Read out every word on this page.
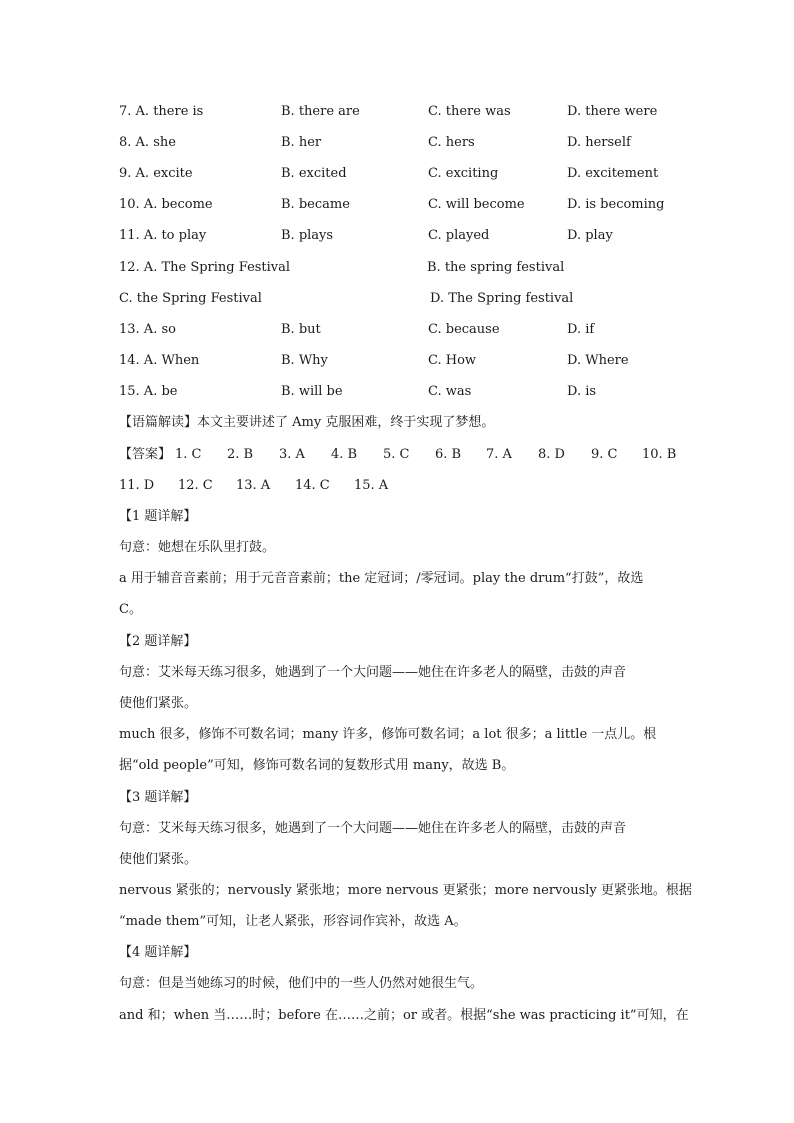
7. A. there is	B. there are	C. there was	D. there were
8. A. she	B. her	C. hers	D. herself
9. A. excite	B. excited	C. exciting	D. excitement
10. A. become	B. became	C. will become	D. is becoming
11. A. to play	B. plays	C. played	D. play
12. A. The Spring Festival	B. the spring festival
C. the Spring Festival	D. The Spring festival
13. A. so	B. but	C. because	D. if
14. A. When	B. Why	C. How	D. Where
15. A. be	B. will be	C. was	D. is
【语篇解读】本文主要讲述了 Amy 克服困难，终于实现了梦想。
【答案】 1. C 2. B 3. A 4. B 5. C 6. B 7. A 8. D 9. C 10. B
11. D 12. C 13. A 14. C 15. A
【1 题详解】
句意：她想在乐队里打鼓。
a 用于辅音音素前；用于元音音素前；the 定冠词；/零冠词。play the drum“打鼓”，故选
C。
【2 题详解】
句意：艾米每天练习很多，她遇到了一个大问题——她住在许多老人的隔壁，击鼓的声音
使他们紧张。
much 很多，修饰不可数名词；many 许多，修饰可数名词；a lot 很多；a little 一点儿。根
据“old people”可知，修饰可数名词的复数形式用 many，故选 B。
【3 题详解】
句意：艾米每天练习很多，她遇到了一个大问题——她住在许多老人的隔壁，击鼓的声音
使他们紧张。
nervous 紧张的；nervously 紧张地；more nervous 更紧张；more nervously 更紧张地。根据
“made them”可知，让老人紧张，形容词作宾补，故选 A。
【4 题详解】
句意：但是当她练习的时候，他们中的一些人仍然对她很生气。
and 和；when 当……时；before 在……之前；or 或者。根据“she was practicing it”可知，在
